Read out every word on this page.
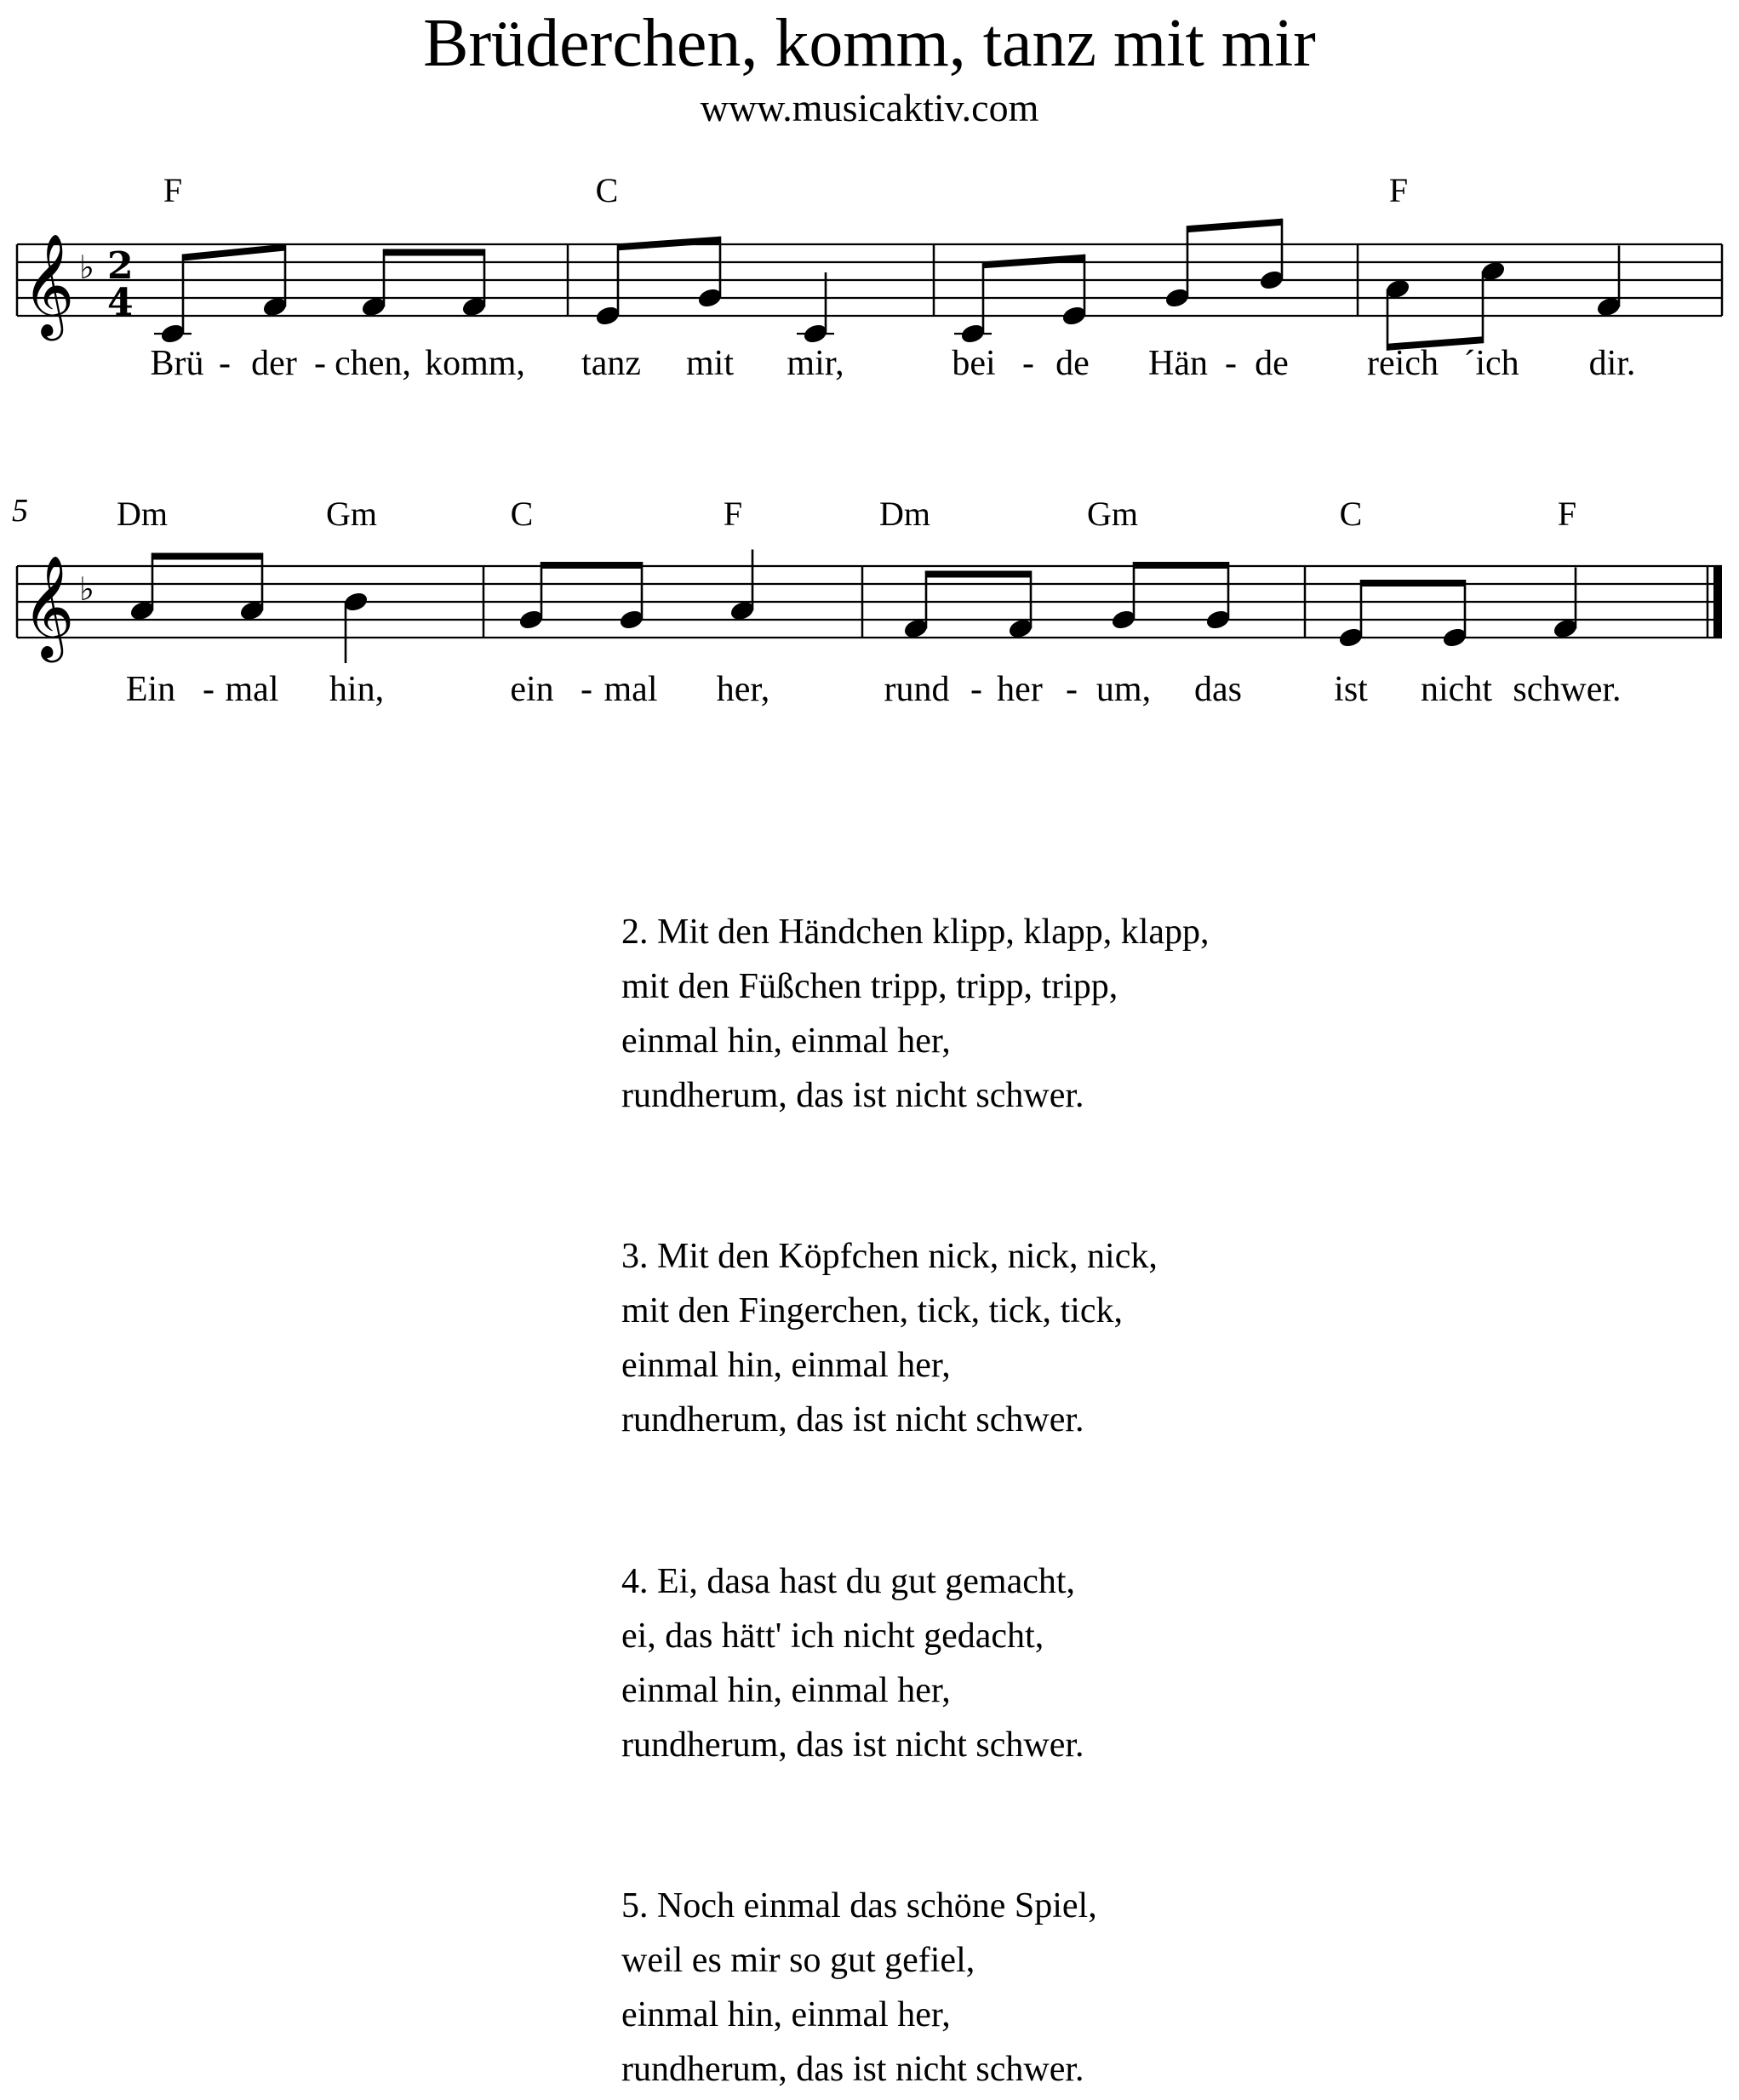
Brüderchen, komm, tanz mit mir
www.musicaktiv.com
F	C	F
5	Dm	Gm	C	F	Dm	Gm	C	F
𝄞 ♭ 2
4
𝄞 ♭
Brü - der - chen, komm, tanz mit mir,	bei - de Hän - de reich ´ich dir.
Ein - mal hin,	ein - mal her,	rund - her - um, das	ist nicht schwer.
2. Mit den Händchen klipp, klapp, klapp,
mit den Füßchen tripp, tripp, tripp,
einmal hin, einmal her,
rundherum, das ist nicht schwer.
3. Mit den Köpfchen nick, nick, nick,
mit den Fingerchen, tick, tick, tick,
einmal hin, einmal her,
rundherum, das ist nicht schwer.
4. Ei, dasa hast du gut gemacht,
ei, das hätt' ich nicht gedacht,
einmal hin, einmal her,
rundherum, das ist nicht schwer.
5. Noch einmal das schöne Spiel,
weil es mir so gut gefiel,
einmal hin, einmal her,
rundherum, das ist nicht schwer.
